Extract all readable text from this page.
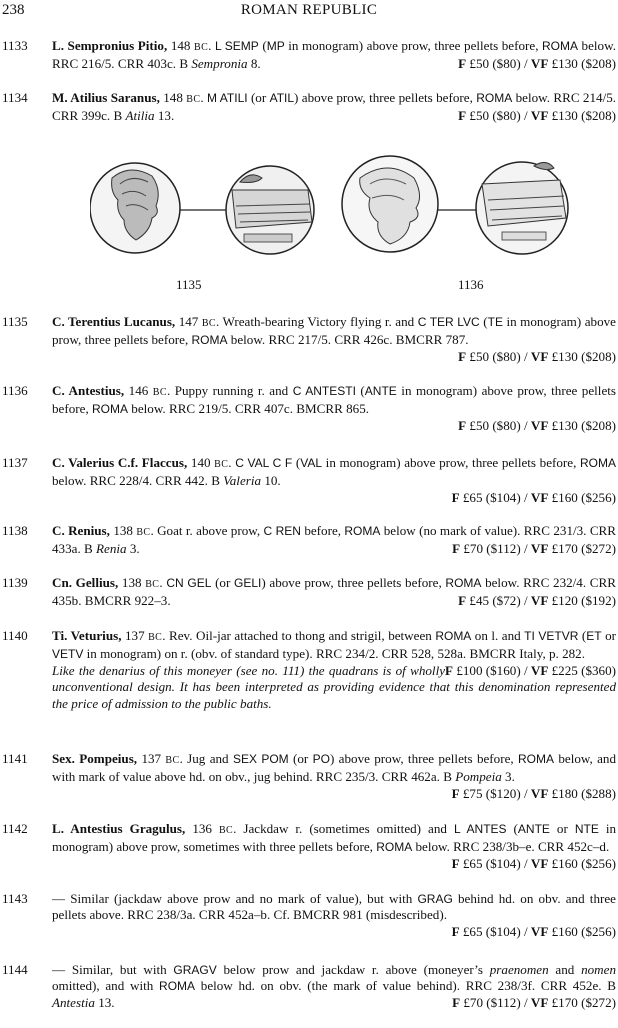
238	ROMAN REPUBLIC
1133 L. Sempronius Pitio, 148 BC. L SEMP (MP in monogram) above prow, three pellets before, ROMA below. RRC 216/5. CRR 403c. B Sempronia 8.	F £50 ($80) / VF £130 ($208)
1134 M. Atilius Saranus, 148 BC. M ATILI (or ATIL) above prow, three pellets before, ROMA below. RRC 214/5. CRR 399c. B Atilia 13.	F £50 ($80) / VF £130 ($208)
1135	1136
1135 C. Terentius Lucanus, 147 BC. Wreath-bearing Victory flying r. and C TER LVC (TE in monogram) above prow, three pellets before, ROMA below. RRC 217/5. CRR 426c. BMCRR 787.
F £50 ($80) / VF £130 ($208)
1136 C. Antestius, 146 BC. Puppy running r. and C ANTESTI (ANTE in monogram) above prow, three pellets before, ROMA below. RRC 219/5. CRR 407c. BMCRR 865.
F £50 ($80) / VF £130 ($208)
1137 C. Valerius C.f. Flaccus, 140 BC. C VAL C F (VAL in monogram) above prow, three pellets before, ROMA below. RRC 228/4. CRR 442. B Valeria 10.
F £65 ($104) / VF £160 ($256)
1138 C. Renius, 138 BC. Goat r. above prow, C REN before, ROMA below (no mark of value). RRC 231/3. CRR 433a. B Renia 3.	F £70 ($112) / VF £170 ($272)
1139 Cn. Gellius, 138 BC. CN GEL (or GELI) above prow, three pellets before, ROMA below. RRC 232/4. CRR 435b. BMCRR 922–3.	F £45 ($72) / VF £120 ($192)
1140 Ti. Veturius, 137 BC. Rev. Oil-jar attached to thong and strigil, between ROMA on l. and TI VETVR (ET or VETV in monogram) on r. (obv. of standard type). RRC 234/2. CRR 528, 528a. BMCRR Italy, p. 282.
F £100 ($160) / VF £225 ($360)
Like the denarius of this moneyer (see no. 111) the quadrans is of wholly unconventional design. It has been interpreted as providing evidence that this denomination represented the price of admission to the public baths.
1141 Sex. Pompeius, 137 BC. Jug and SEX POM (or PO) above prow, three pellets before, ROMA below, and with mark of value above hd. on obv., jug behind. RRC 235/3. CRR 462a. B Pompeia 3.
F £75 ($120) / VF £180 ($288)
1142 L. Antestius Gragulus, 136 BC. Jackdaw r. (sometimes omitted) and L ANTES (ANTE or NTE in monogram) above prow, sometimes with three pellets before, ROMA below. RRC 238/3b–e. CRR 452c–d.
F £65 ($104) / VF £160 ($256)
1143 — Similar (jackdaw above prow and no mark of value), but with GRAG behind hd. on obv. and three pellets above. RRC 238/3a. CRR 452a–b. Cf. BMCRR 981 (misdescribed).
F £65 ($104) / VF £160 ($256)
1144 — Similar, but with GRAGV below prow and jackdaw r. above (moneyer’s praenomen and nomen omitted), and with ROMA below hd. on obv. (the mark of value behind). RRC 238/3f. CRR 452e. B Antestia 13.	F £70 ($112) / VF £170 ($272)
